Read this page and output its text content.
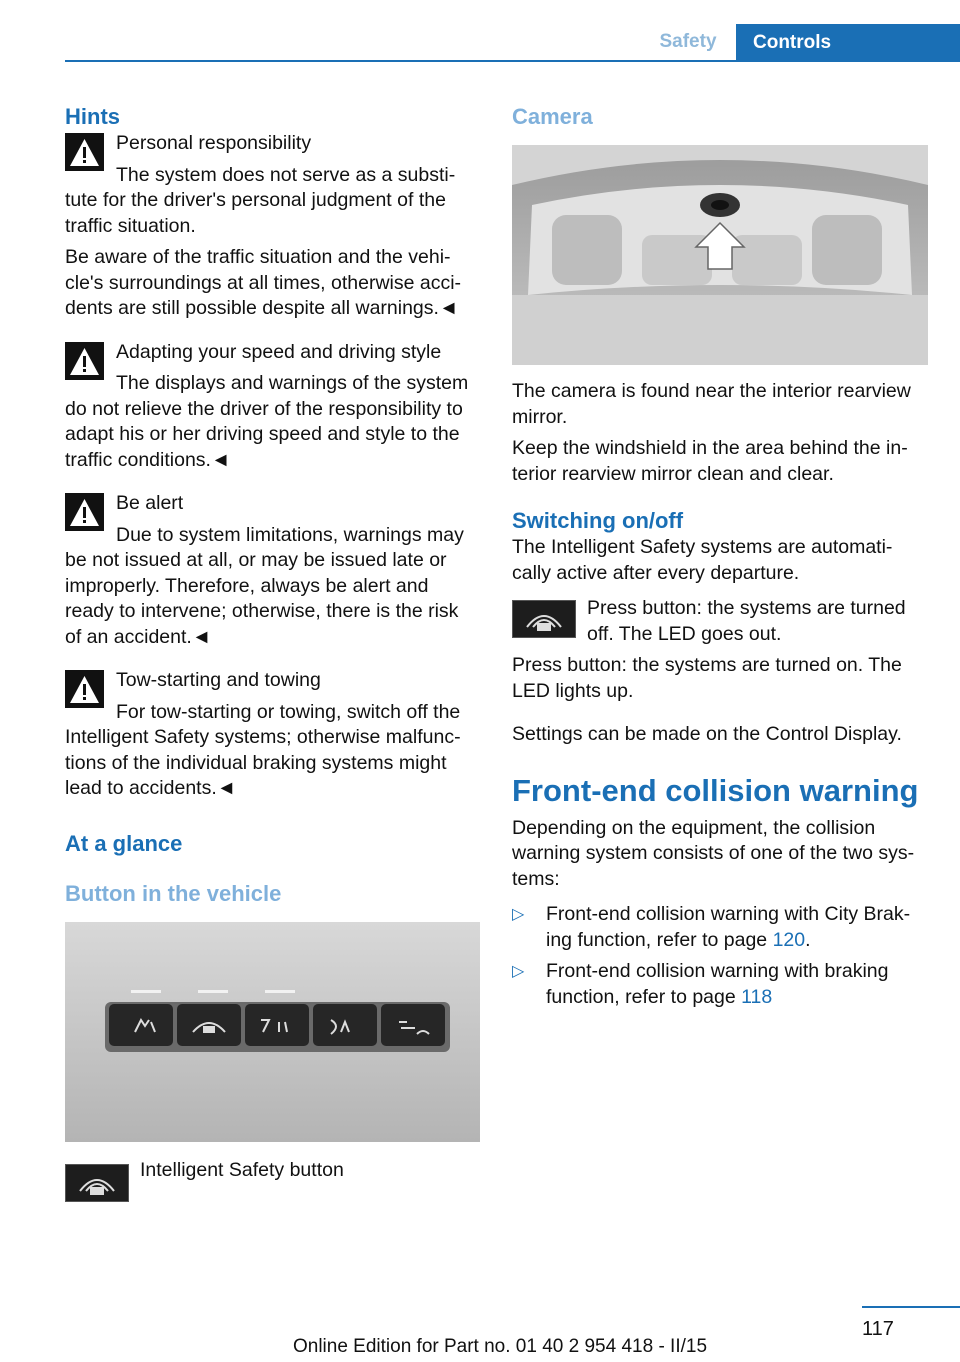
Safety	Controls
Hints
Personal responsibility
The system does not serve as a substi-
tute for the driver's personal judgment of the traffic situation.
Be aware of the traffic situation and the vehi-cle's surroundings at all times, otherwise acci-dents are still possible despite all warnings.◄
Adapting your speed and driving style
The displays and warnings of the system
do not relieve the driver of the responsibility to adapt his or her driving speed and style to the traffic conditions.◄
Be alert
Due to system limitations, warnings may
be not issued at all, or may be issued late or improperly. Therefore, always be alert and ready to intervene; otherwise, there is the risk of an accident.◄
Tow-starting and towing
For tow-starting or towing, switch off the
Intelligent Safety systems; otherwise malfunc-tions of the individual braking systems might lead to accidents.◄
At a glance
Button in the vehicle
Intelligent Safety button
Camera

The camera is found near the interior rearview mirror.

Keep the windshield in the area behind the in-terior rearview mirror clean and clear.

Switching on/off

The Intelligent Safety systems are automati-cally active after every departure.

Press button: the systems are turned off. The LED goes out.

Press button: the systems are turned on. The LED lights up.

Settings can be made on the Control Display.

Front-end collision warning

Depending on the equipment, the collision warning system consists of one of the two sys-tems:

▷ Front-end collision warning with City Brak-ing function, refer to page 120.
▷ Front-end collision warning with braking function, refer to page 118
117
Online Edition for Part no. 01 40 2 954 418 - II/15
